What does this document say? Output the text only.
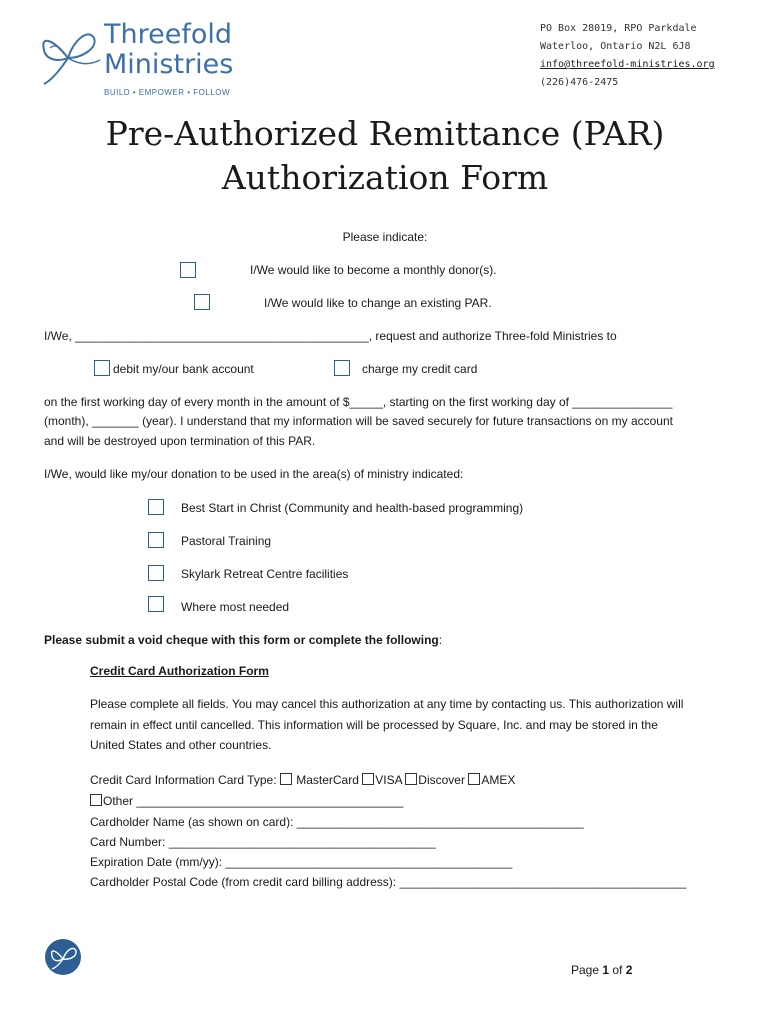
Threefold
Ministries
BUILD • EMPOWER • FOLLOW
PO Box 28019, RPO Parkdale
Waterloo, Ontario N2L 6J8
info@threefold-ministries.org
(226)476-2475
Pre-Authorized Remittance (PAR)
Authorization Form
Please indicate:
I/We would like to become a monthly donor(s).
I/We would like to change an existing PAR.
I/We, ____________________________________________, request and authorize Three-fold Ministries to
debit my/our bank account	charge my credit card
on the first working day of every month in the amount of $_____, starting on the first working day of _______________
(month), _______ (year). I understand that my information will be saved securely for future transactions on my account
and will be destroyed upon termination of this PAR.
I/We, would like my/our donation to be used in the area(s) of ministry indicated:
Best Start in Christ (Community and health-based programming)
Pastoral Training
Skylark Retreat Centre facilities
Where most needed
Please submit a void cheque with this form or complete the following:
Credit Card Authorization Form
Please complete all fields. You may cancel this authorization at any time by contacting us. This authorization will
remain in effect until cancelled. This information will be processed by Square, Inc. and may be stored in the
United States and other countries.
Credit Card Information Card Type:  MasterCard VISA Discover AMEX
Other ________________________________________
Cardholder Name (as shown on card): ___________________________________________
Card Number: ________________________________________
Expiration Date (mm/yy): ___________________________________________
Cardholder Postal Code (from credit card billing address): ___________________________________________
Page 1 of 2
